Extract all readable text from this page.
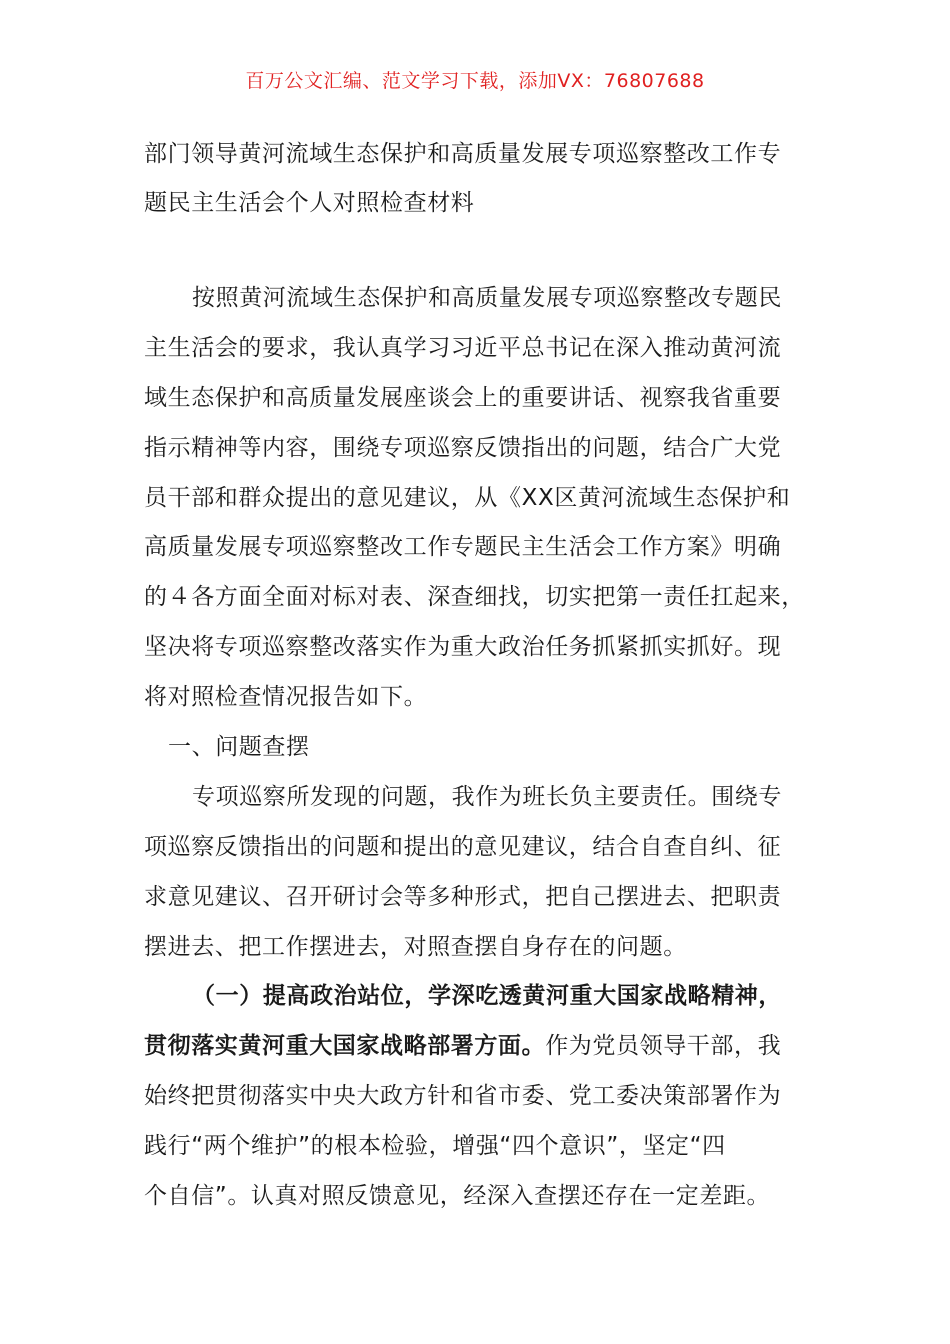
百万公文汇编、范文学习下载，添加VX：76807688
部门领导黄河流域生态保护和高质量发展专项巡察整改工作专
题民主生活会个人对照检查材料
按照黄河流域生态保护和高质量发展专项巡察整改专题民
主生活会的要求，我认真学习习近平总书记在深入推动黄河流
域生态保护和高质量发展座谈会上的重要讲话、视察我省重要
指示精神等内容，围绕专项巡察反馈指出的问题，结合广大党
员干部和群众提出的意见建议，从《XX区黄河流域生态保护和
高质量发展专项巡察整改工作专题民主生活会工作方案》明确
的４各方面全面对标对表、深查细找，切实把第一责任扛起来，
坚决将专项巡察整改落实作为重大政治任务抓紧抓实抓好。现
将对照检查情况报告如下。
一、问题查摆
专项巡察所发现的问题，我作为班长负主要责任。围绕专
项巡察反馈指出的问题和提出的意见建议，结合自查自纠、征
求意见建议、召开研讨会等多种形式，把自己摆进去、把职责
摆进去、把工作摆进去，对照查摆自身存在的问题。
（一）提高政治站位，学深吃透黄河重大国家战略精神，
贯彻落实黄河重大国家战略部署方面。作为党员领导干部，我
始终把贯彻落实中央大政方针和省市委、党工委决策部署作为
践行“两个维护”的根本检验，增强“四个意识”，坚定“四
个自信”。认真对照反馈意见，经深入查摆还存在一定差距。
